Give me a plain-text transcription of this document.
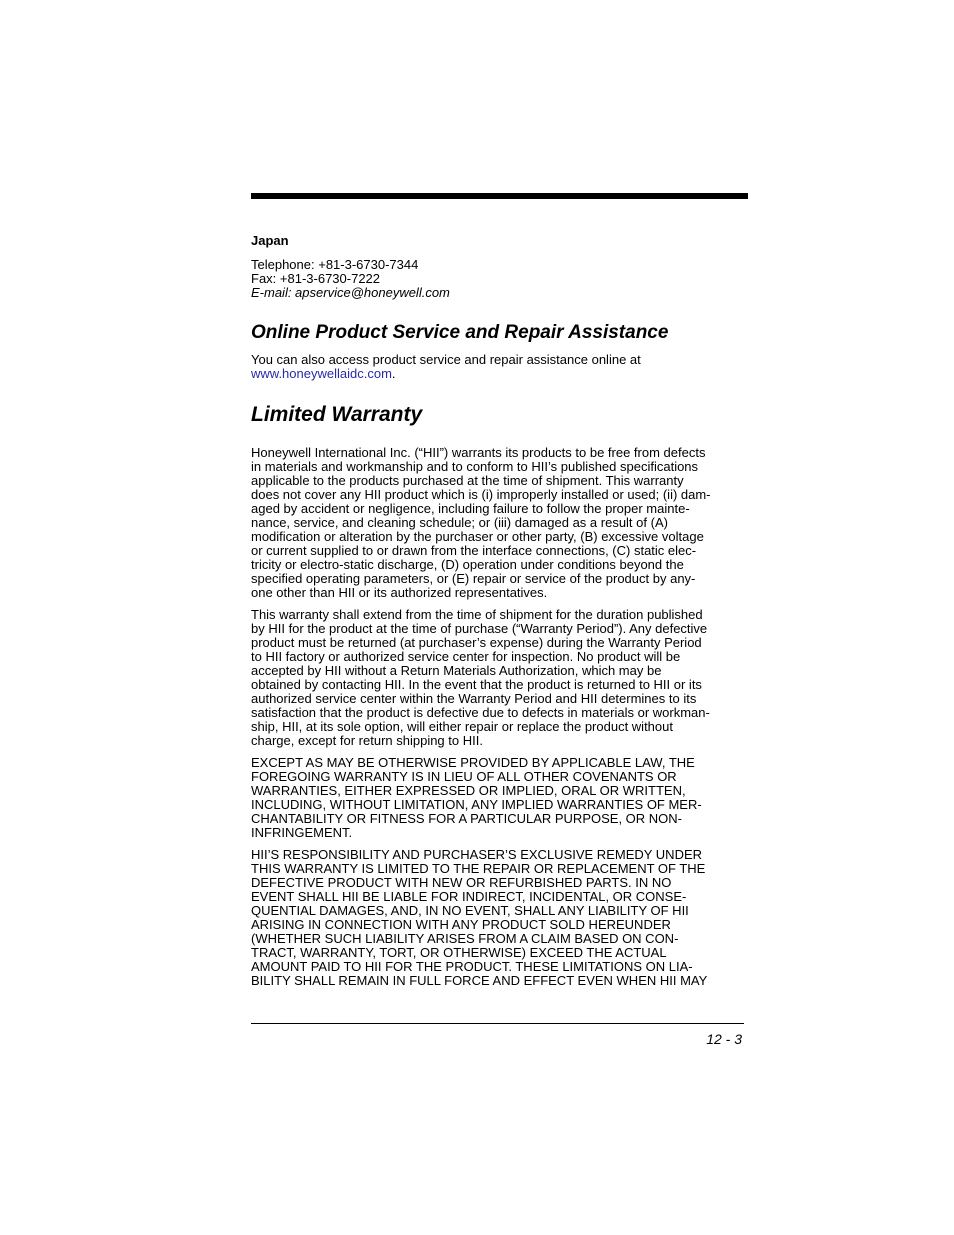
Japan
Telephone: +81-3-6730-7344
Fax: +81-3-6730-7222
E-mail: apservice@honeywell.com
Online Product Service and Repair Assistance

You can also access product service and repair assistance online at
www.honeywellaidc.com.

Limited Warranty

Honeywell International Inc. (“HII”) warrants its products to be free from defects
in materials and workmanship and to conform to HII’s published specifications
applicable to the products purchased at the time of shipment. This warranty
does not cover any HII product which is (i) improperly installed or used; (ii) dam-
aged by accident or negligence, including failure to follow the proper mainte-
nance, service, and cleaning schedule; or (iii) damaged as a result of (A)
modification or alteration by the purchaser or other party, (B) excessive voltage
or current supplied to or drawn from the interface connections, (C) static elec-
tricity or electro-static discharge, (D) operation under conditions beyond the
specified operating parameters, or (E) repair or service of the product by any-
one other than HII or its authorized representatives.

This warranty shall extend from the time of shipment for the duration published
by HII for the product at the time of purchase (“Warranty Period”). Any defective
product must be returned (at purchaser’s expense) during the Warranty Period
to HII factory or authorized service center for inspection. No product will be
accepted by HII without a Return Materials Authorization, which may be
obtained by contacting HII. In the event that the product is returned to HII or its
authorized service center within the Warranty Period and HII determines to its
satisfaction that the product is defective due to defects in materials or workman-
ship, HII, at its sole option, will either repair or replace the product without
charge, except for return shipping to HII.

EXCEPT AS MAY BE OTHERWISE PROVIDED BY APPLICABLE LAW, THE
FOREGOING WARRANTY IS IN LIEU OF ALL OTHER COVENANTS OR
WARRANTIES, EITHER EXPRESSED OR IMPLIED, ORAL OR WRITTEN,
INCLUDING, WITHOUT LIMITATION, ANY IMPLIED WARRANTIES OF MER-
CHANTABILITY OR FITNESS FOR A PARTICULAR PURPOSE, OR NON-
INFRINGEMENT.

HII’S RESPONSIBILITY AND PURCHASER’S EXCLUSIVE REMEDY UNDER
THIS WARRANTY IS LIMITED TO THE REPAIR OR REPLACEMENT OF THE
DEFECTIVE PRODUCT WITH NEW OR REFURBISHED PARTS. IN NO
EVENT SHALL HII BE LIABLE FOR INDIRECT, INCIDENTAL, OR CONSE-
QUENTIAL DAMAGES, AND, IN NO EVENT, SHALL ANY LIABILITY OF HII
ARISING IN CONNECTION WITH ANY PRODUCT SOLD HEREUNDER
(WHETHER SUCH LIABILITY ARISES FROM A CLAIM BASED ON CON-
TRACT, WARRANTY, TORT, OR OTHERWISE) EXCEED THE ACTUAL
AMOUNT PAID TO HII FOR THE PRODUCT. THESE LIMITATIONS ON LIA-
BILITY SHALL REMAIN IN FULL FORCE AND EFFECT EVEN WHEN HII MAY

12 - 3
